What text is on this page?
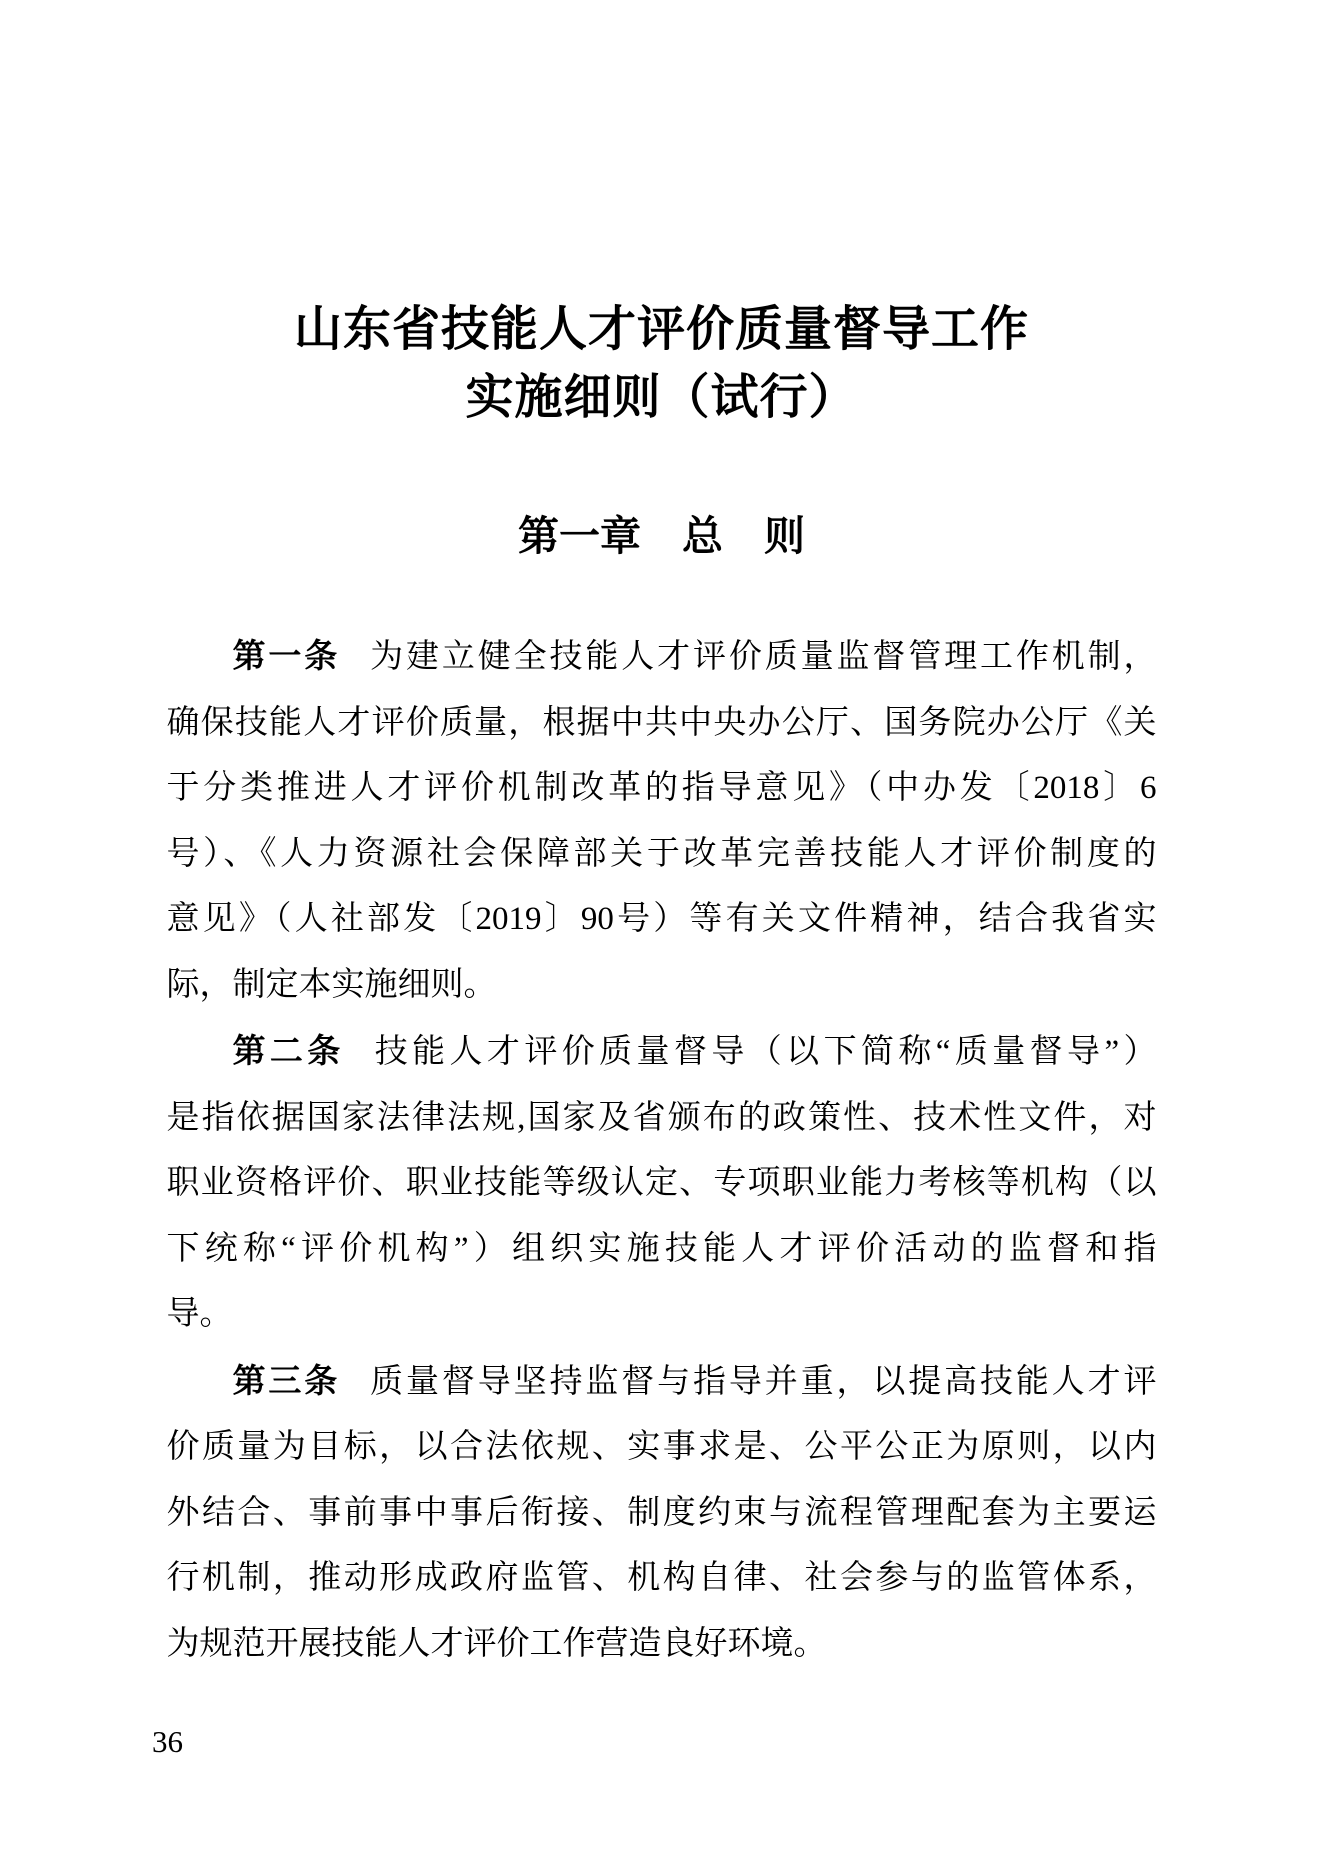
山东省技能人才评价质量督导工作
实施细则（试行）
第一章　总　则
第一条 为建立健全技能人才评价质量监督管理工作机制，
确保技能人才评价质量，根据中共中央办公厅、国务院办公厅《关
于分类推进人才评价机制改革的指导意见》（中办发〔2018〕6
号）、《人力资源社会保障部关于改革完善技能人才评价制度的
意见》（人社部发〔2019〕90号）等有关文件精神，结合我省实
际，制定本实施细则。
第二条 技能人才评价质量督导（以下简称“质量督导”）
是指依据国家法律法规,国家及省颁布的政策性、技术性文件，对
职业资格评价、职业技能等级认定、专项职业能力考核等机构（以
下统称“评价机构”）组织实施技能人才评价活动的监督和指
导。
第三条 质量督导坚持监督与指导并重，以提高技能人才评
价质量为目标，以合法依规、实事求是、公平公正为原则，以内
外结合、事前事中事后衔接、制度约束与流程管理配套为主要运
行机制，推动形成政府监管、机构自律、社会参与的监管体系，
为规范开展技能人才评价工作营造良好环境。
36
